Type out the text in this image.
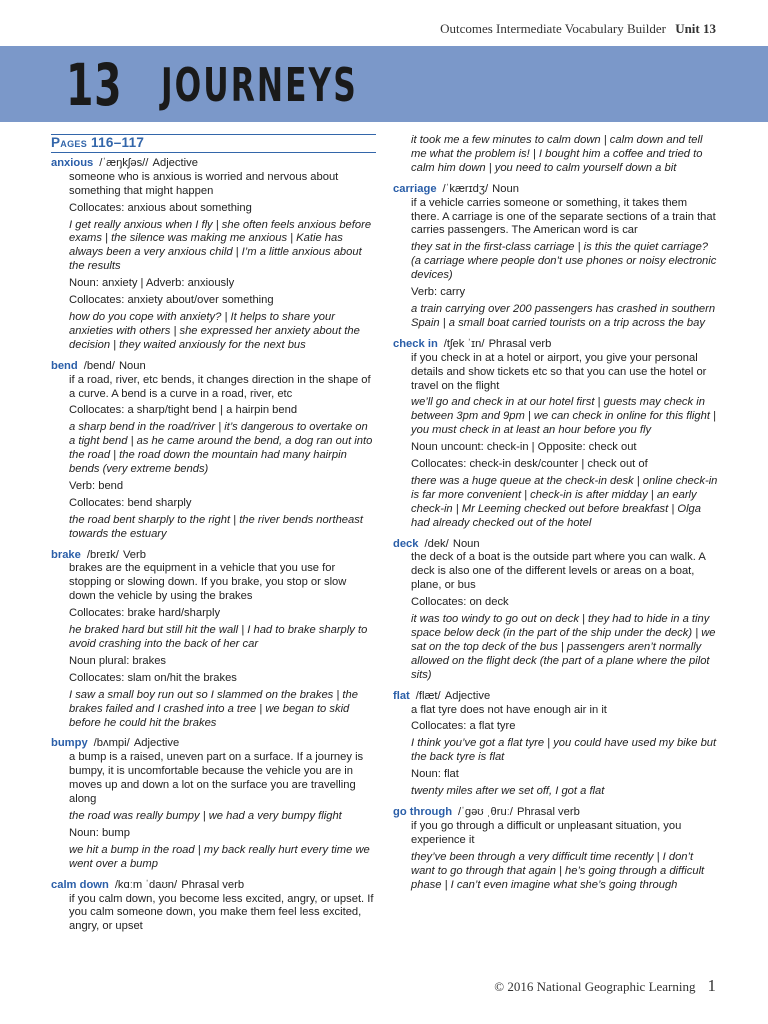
Outcomes Intermediate Vocabulary Builder Unit 13
13 JOURNEYS
Pages 116–117

anxious /ˈæŋkʃəs// Adjective

someone who is anxious is worried and nervous about something that might happen

Collocates: anxious about something

I get really anxious when I fly | she often feels anxious before exams | the silence was making me anxious | Katie has always been a very anxious child | I’m a little anxious about the results

Noun: anxiety | Adverb: anxiously

Collocates: anxiety about/over something

how do you cope with anxiety? | It helps to share your anxieties with others | she expressed her anxiety about the decision | they waited anxiously for the next bus

bend /bend/ Noun

if a road, river, etc bends, it changes direction in the shape of a curve. A bend is a curve in a road, river, etc

Collocates: a sharp/tight bend | a hairpin bend

a sharp bend in the road/river | it’s dangerous to overtake on a tight bend | as he came around the bend, a dog ran out into the road | the road down the mountain had many hairpin bends (very extreme bends)

Verb: bend

Collocates: bend sharply

the road bent sharply to the right | the river bends northeast towards the estuary

brake /breɪk/ Verb

brakes are the equipment in a vehicle that you use for stopping or slowing down. If you brake, you stop or slow down the vehicle by using the brakes

Collocates: brake hard/sharply

he braked hard but still hit the wall | I had to brake sharply to avoid crashing into the back of her car

Noun plural: brakes

Collocates: slam on/hit the brakes

I saw a small boy run out so I slammed on the brakes | the brakes failed and I crashed into a tree | we began to skid before he could hit the brakes

bumpy /bʌmpi/ Adjective

a bump is a raised, uneven part on a surface. If a journey is bumpy, it is uncomfortable because the vehicle you are in moves up and down a lot on the surface you are travelling along

the road was really bumpy | we had a very bumpy flight

Noun: bump

we hit a bump in the road | my back really hurt every time we went over a bump

calm down /kɑːm ˈdaʊn/ Phrasal verb

if you calm down, you become less excited, angry, or upset. If you calm someone down, you make them feel less excited, angry, or upset

it took me a few minutes to calm down | calm down and tell me what the problem is! | I bought him a coffee and tried to calm him down | you need to calm yourself down a bit

carriage /ˈkærɪdʒ/ Noun

if a vehicle carries someone or something, it takes them there. A carriage is one of the separate sections of a train that carries passengers. The American word is car

they sat in the first-class carriage | is this the quiet carriage? (a carriage where people don’t use phones or noisy electronic devices)

Verb: carry

a train carrying over 200 passengers has crashed in southern Spain | a small boat carried tourists on a trip across the bay

check in /tʃek ˈɪn/ Phrasal verb

if you check in at a hotel or airport, you give your personal details and show tickets etc so that you can use the hotel or travel on the flight

we’ll go and check in at our hotel first | guests may check in between 3pm and 9pm | we can check in online for this flight | you must check in at least an hour before you fly

Noun uncount: check-in | Opposite: check out

Collocates: check-in desk/counter | check out of

there was a huge queue at the check-in desk | online check-in is far more convenient | check-in is after midday | an early check-in | Mr Leeming checked out before breakfast | Olga had already checked out of the hotel

deck /dek/ Noun

the deck of a boat is the outside part where you can walk. A deck is also one of the different levels or areas on a boat, plane, or bus

Collocates: on deck

it was too windy to go out on deck | they had to hide in a tiny space below deck (in the part of the ship under the deck) | we sat on the top deck of the bus | passengers aren’t normally allowed on the flight deck (the part of a plane where the pilot sits)

flat /flæt/ Adjective

a flat tyre does not have enough air in it

Collocates: a flat tyre

I think you’ve got a flat tyre | you could have used my bike but the back tyre is flat

Noun: flat

twenty miles after we set off, I got a flat

go through /ˈɡəʊ ˌθruː/ Phrasal verb

if you go through a difficult or unpleasant situation, you experience it

they’ve been through a very difficult time recently | I don’t want to go through that again | he’s going through a difficult phase | I can’t even imagine what she’s going through

© 2016 National Geographic Learning 1
